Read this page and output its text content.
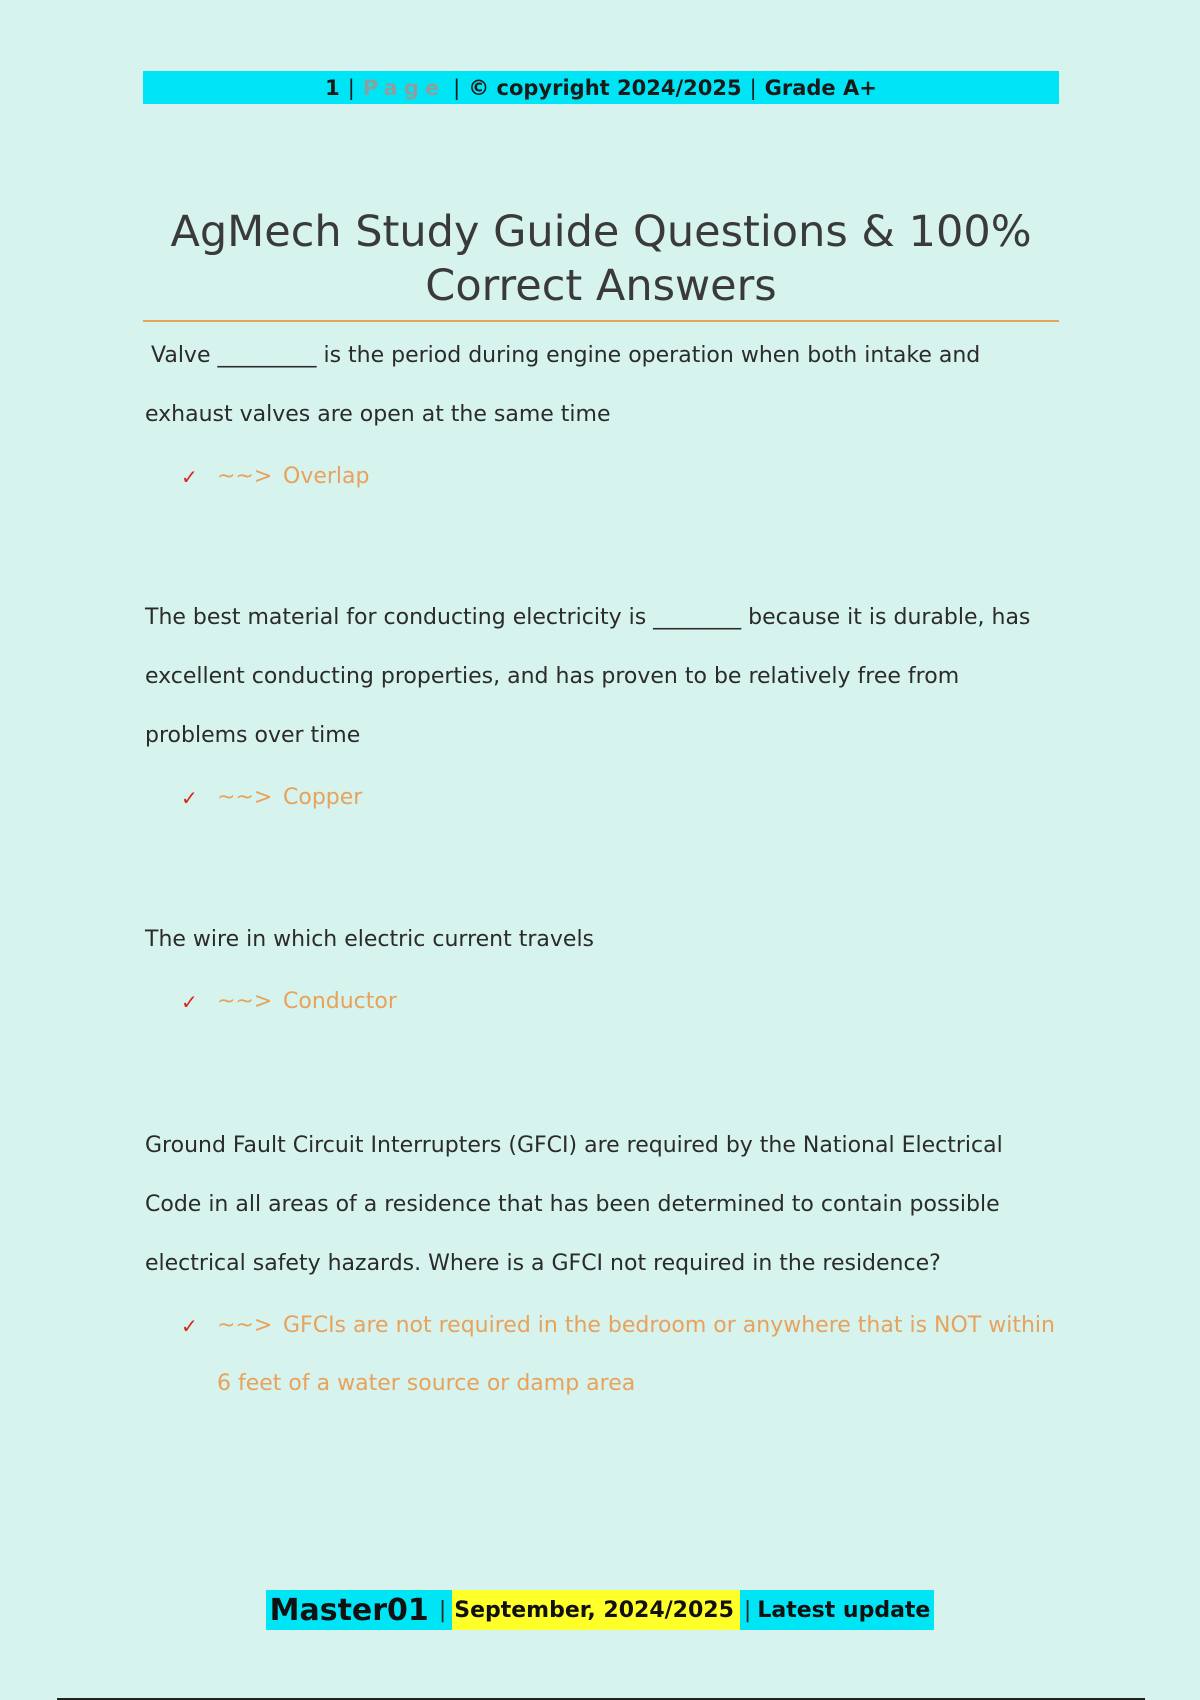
1 | Page | © copyright 2024/2025 | Grade A+
AgMech Study Guide Questions & 100% Correct Answers

Valve _________ is the period during engine operation when both intake and exhaust valves are open at the same time

✓ ~~> Overlap

The best material for conducting electricity is ________ because it is durable, has excellent conducting properties, and has proven to be relatively free from problems over time

✓ ~~> Copper

The wire in which electric current travels

✓ ~~> Conductor

Ground Fault Circuit Interrupters (GFCI) are required by the National Electrical Code in all areas of a residence that has been determined to contain possible electrical safety hazards. Where is a GFCI not required in the residence?

✓ ~~> GFCIs are not required in the bedroom or anywhere that is NOT within 6 feet of a water source or damp area
Master01 | September, 2024/2025 | Latest update
